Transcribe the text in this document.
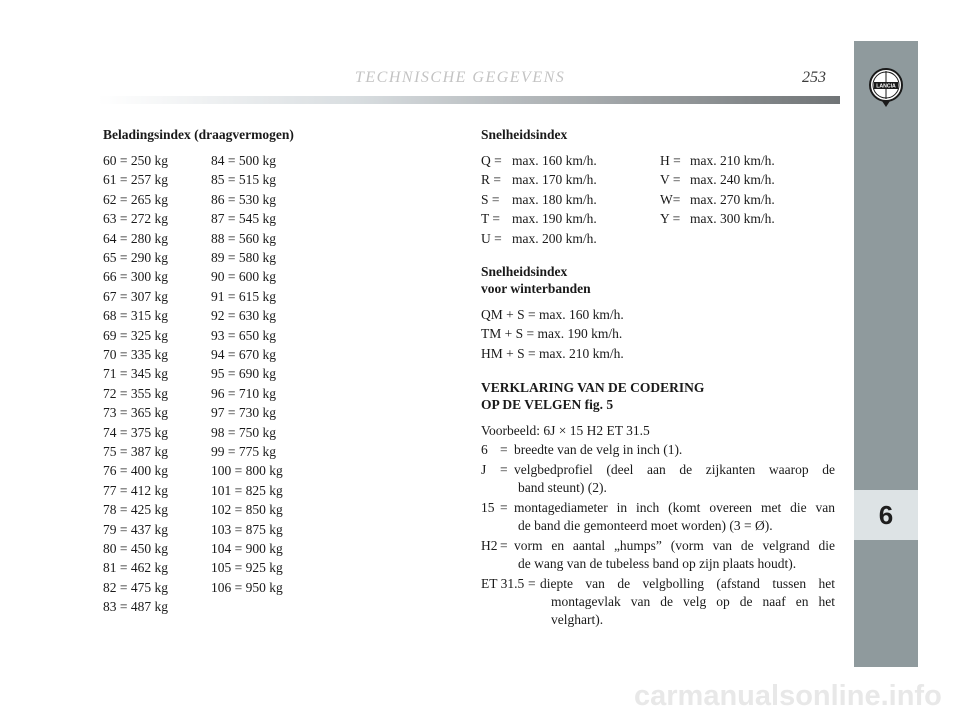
TECHNISCHE GEGEVENS	253
LANCIA
6
Beladingsindex (draagvermogen)
60 = 250 kg
61 = 257 kg
62 = 265 kg
63 = 272 kg
64 = 280 kg
65 = 290 kg
66 = 300 kg
67 = 307 kg
68 = 315 kg
69 = 325 kg
70 = 335 kg
71 = 345 kg
72 = 355 kg
73 = 365 kg
74 = 375 kg
75 = 387 kg
76 = 400 kg
77 = 412 kg
78 = 425 kg
79 = 437 kg
80 = 450 kg
81 = 462 kg
82 = 475 kg
83 = 487 kg
84 = 500 kg
85 = 515 kg
86 = 530 kg
87 = 545 kg
88 = 560 kg
89 = 580 kg
90 = 600 kg
91 = 615 kg
92 = 630 kg
93 = 650 kg
94 = 670 kg
95 = 690 kg
96 = 710 kg
97 = 730 kg
98 = 750 kg
99 = 775 kg
100 = 800 kg
101 = 825 kg
102 = 850 kg
103 = 875 kg
104 = 900 kg
105 = 925 kg
106 = 950 kg
Snelheidsindex
Q = max. 160 km/h.
R = max. 170 km/h.
S = max. 180 km/h.
T = max. 190 km/h.
U = max. 200 km/h.
H = max. 210 km/h.
V = max. 240 km/h.
W= max. 270 km/h.
Y = max. 300 km/h.
Snelheidsindex
voor winterbanden
QM + S = max. 160 km/h.
TM + S = max. 190 km/h.
HM + S = max. 210 km/h.
VERKLARING VAN DE CODERING
OP DE VELGEN fig. 5
Voorbeeld: 6J × 15 H2 ET 31.5
6 = breedte van de velg in inch (1).
J = velgbedprofiel (deel aan de zijkanten waarop de
band steunt) (2).
15 = montagediameter in inch (komt overeen met die van
de band die gemonteerd moet worden) (3 = Ø).
H2 = vorm en aantal „humps” (vorm van de velgrand die
de wang van de tubeless band op zijn plaats houdt).
ET 31.5 = diepte van de velgbolling (afstand tussen het
montagevlak van de velg op de naaf en het
velghart).
carmanualsonline.info
